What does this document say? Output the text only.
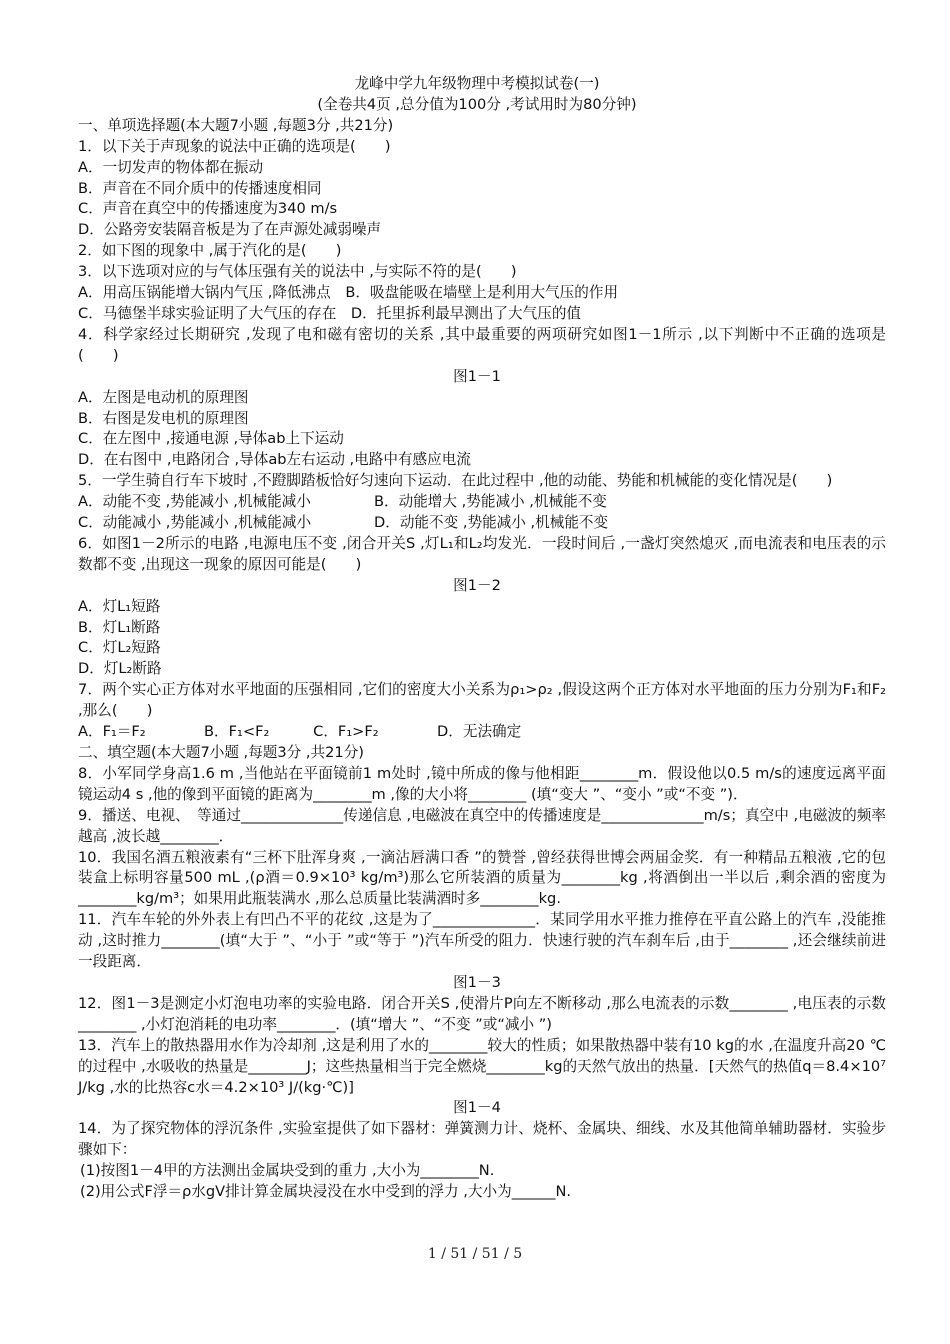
龙峰中学九年级物理中考模拟试卷(一)
(全卷共4页 ,总分值为100分 ,考试用时为80分钟)
一、单项选择题(本大题7小题 ,每题3分 ,共21分)
1．以下关于声现象的说法中正确的选项是(　　)
A．一切发声的物体都在振动
B．声音在不同介质中的传播速度相同
C．声音在真空中的传播速度为340 m/s
D．公路旁安装隔音板是为了在声源处减弱噪声
2．如下图的现象中 ,属于汽化的是(　　)
3．以下选项对应的与气体压强有关的说法中 ,与实际不符的是(　　)
A．用高压锅能增大锅内气压 ,降低沸点　B．吸盘能吸在墙壁上是利用大气压的作用
C．马德堡半球实验证明了大气压的存在　D．托里拆利最早测出了大气压的值
4．科学家经过长期研究 ,发现了电和磁有密切的关系 ,其中最重要的两项研究如图1－1所示 ,以下判断中不正确的选项是(　　)
图1－1
A．左图是电动机的原理图
B．右图是发电机的原理图
C．在左图中 ,接通电源 ,导体ab上下运动
D．在右图中 ,电路闭合 ,导体ab左右运动 ,电路中有感应电流
5．一学生骑自行车下坡时 ,不蹬脚踏板恰好匀速向下运动．在此过程中 ,他的动能、势能和机械能的变化情况是(　　)
A．动能不变 ,势能减小 ,机械能减小	B．动能增大 ,势能减小 ,机械能不变
C．动能减小 ,势能减小 ,机械能减小	D．动能不变 ,势能减小 ,机械能不变
6．如图1－2所示的电路 ,电源电压不变 ,闭合开关S ,灯L₁和L₂均发光．一段时间后 ,一盏灯突然熄灭 ,而电流表和电压表的示数都不变 ,出现这一现象的原因可能是(　　)
图1－2
A．灯L₁短路
B．灯L₁断路
C．灯L₂短路
D．灯L₂断路
7．两个实心正方体对水平地面的压强相同 ,它们的密度大小关系为ρ₁>ρ₂ ,假设这两个正方体对水平地面的压力分别为F₁和F₂ ,那么(　　)
A．F₁＝F₂　　　　B．F₁<F₂　　　C．F₁>F₂　　　　D．无法确定
二、填空题(本大题7小题 ,每题3分 ,共21分)
8．小军同学身高1.6 m ,当他站在平面镜前1 m处时 ,镜中所成的像与他相距________m．假设他以0.5 m/s的速度远离平面镜运动4 s ,他的像到平面镜的距离为________m ,像的大小将________ (填“变大 ”、“变小 ”或“不变 ”)．
9．播送、电视、　等通过______________传递信息 ,电磁波在真空中的传播速度是______________m/s；真空中 ,电磁波的频率越高 ,波长越________．
10．我国名酒五粮液素有“三杯下肚浑身爽 ,一滴沾唇满口香 ”的赞誉 ,曾经获得世博会两届金奖．有一种精品五粮液 ,它的包装盒上标明容量500 mL ,(ρ酒＝0.9×10³ kg/m³)那么它所装酒的质量为________kg ,将酒倒出一半以后 ,剩余酒的密度为________kg/m³；如果用此瓶装满水 ,那么总质量比装满酒时多________kg.
11．汽车车轮的外外表上有凹凸不平的花纹 ,这是为了______________．某同学用水平推力推停在平直公路上的汽车 ,没能推动 ,这时推力________(填“大于 ”、“小于 ”或“等于 ”)汽车所受的阻力．快速行驶的汽车刹车后 ,由于________ ,还会继续前进一段距离．
图1－3
12．图1－3是测定小灯泡电功率的实验电路．闭合开关S ,使滑片P向左不断移动 ,那么电流表的示数________ ,电压表的示数________ ,小灯泡消耗的电功率________．(填“增大 ”、“不变 ”或“减小 ”)
13．汽车上的散热器用水作为冷却剂 ,这是利用了水的________较大的性质；如果散热器中装有10 kg的水 ,在温度升高20 ℃的过程中 ,水吸收的热量是________J；这些热量相当于完全燃烧________kg的天然气放出的热量．[天然气的热值q＝8.4×10⁷ J/kg ,水的比热容c水＝4.2×10³ J/(kg·℃)]
图1－4
14．为了探究物体的浮沉条件 ,实验室提供了如下器材：弹簧测力计、烧杯、金属块、细线、水及其他简单辅助器材．实验步骤如下：
(1)按图1－4甲的方法测出金属块受到的重力 ,大小为________N.
(2)用公式F浮＝ρ水gV排计算金属块浸没在水中受到的浮力 ,大小为______N.
1 / 51 / 51 / 5
